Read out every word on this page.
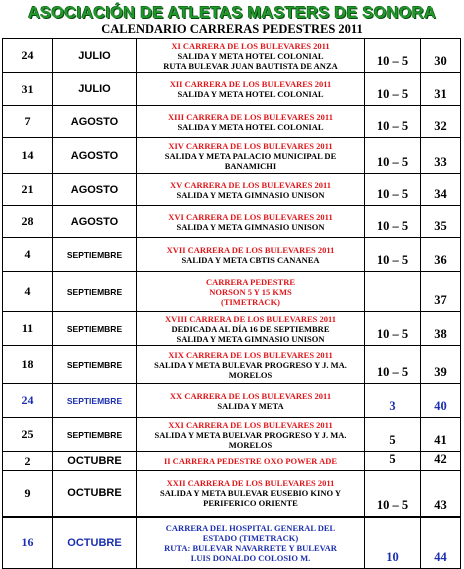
ASOCIACIÓN DE ATLETAS MASTERS DE SONORA
CALENDARIO CARRERAS PEDESTRES 2011
24	JULIO	XI CARRERA DE LOS BULEVARES 2011
SALIDA Y META HOTEL COLONIAL
RUTA BULEVAR JUAN BAUTISTA DE ANZA	10 – 5	30
31	JULIO	XII CARRERA DE LOS BULEVARES 2011
SALIDA Y META HOTEL COLONIAL	10 – 5	31
7	AGOSTO	XIII CARRERA DE LOS BULEVARES 2011
SALIDA Y META HOTEL COLONIAL	10 – 5	32
14	AGOSTO	XIV CARRERA DE LOS BULEVARES 2011
SALIDA Y META PALACIO MUNICIPAL DE
BANAMICHI	10 – 5	33
21	AGOSTO	XV CARRERA DE LOS BULEVARES 2011
SALIDA Y META GIMNASIO UNISON	10 – 5	34
28	AGOSTO	XVI CARRERA DE LOS BULEVARES 2011
SALIDA Y META GIMNASIO UNISON	10 – 5	35
4	SEPTIEMBRE	XVII CARRERA DE LOS BULEVARES 2011
SALIDA Y META CBTIS CANANEA	10 – 5	36
4	SEPTIEMBRE	CARRERA PEDESTRE
NORSON 5 Y 15 KMS
(TIMETRACK)		37
11	SEPTIEMBRE	XVIII CARRERA DE LOS BULEVARES 2011
DEDICADA AL DÍA 16 DE SEPTIEMBRE
SALIDA Y META GIMNASIO UNISON	10 – 5	38
18	SEPTIEMBRE	XIX CARRERA DE LOS BULEVARES 2011
SALIDA Y META BULEVAR PROGRESO Y J. MA.
MORELOS	10 – 5	39
24	SEPTIEMBRE	XX CARRERA DE LOS BULEVARES 2011
SALIDA Y META	3	40
25	SEPTIEMBRE	XXI CARRERA DE LOS BULEVARES 2011
SALIDA Y META BUELVAR PROGRESO Y J. MA.
MORELOS	5	41
2	OCTUBRE	II CARRERA PEDESTRE OXO POWER ADE	5	42
9	OCTUBRE	XXII CARRERA DE LOS BULEVARES 2011
SALIDA Y META BULEVAR EUSEBIO KINO Y
PERIFERICO ORIENTE	10 – 5	43
16	OCTUBRE	CARRERA DEL HOSPITAL GENERAL DEL
ESTADO (TIMETRACK)
RUTA: BULEVAR NAVARRETE Y BULEVAR
LUIS DONALDO COLOSIO M.	10	44
